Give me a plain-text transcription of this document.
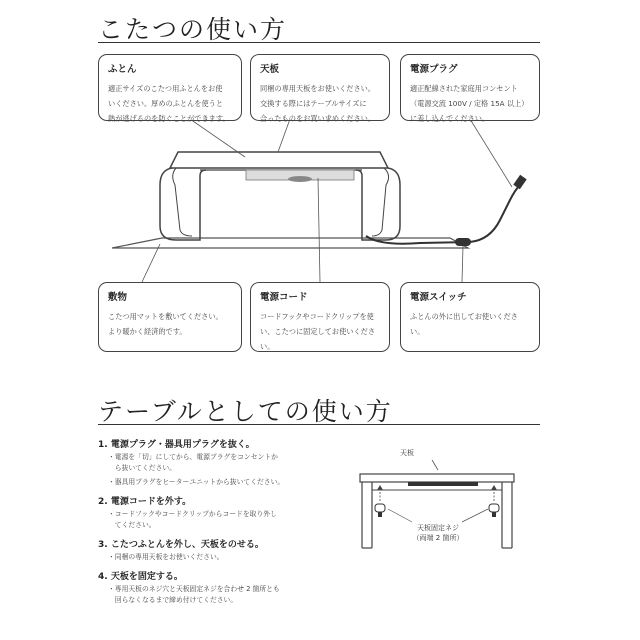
こたつの使い方
ふとん
適正サイズのこたつ用ふとんをお使
いください。厚めのふとんを使うと
熱が逃げるのを防ぐことができます。
天板
同梱の専用天板をお使いください。
交換する際にはテーブルサイズに
合ったものをお買い求めください。
電源プラグ
適正配線された家庭用コンセント
（電源交流 100V / 定格 15A 以上）
に差し込んでください。
敷物
こたつ用マットを敷いてください。
より暖かく経済的です。
電源コード
コードフックやコードクリップを使
い、こたつに固定してお使いください。
電源スイッチ
ふとんの外に出してお使いください。
テーブルとしての使い方
1. 電源プラグ・器具用プラグを抜く。
・電源を「切」にしてから、電源プラグをコンセントか
　ら抜いてください。
・器具用プラグをヒーターユニットから抜いてください。
2. 電源コードを外す。
・コードフックやコードクリップからコードを取り外し
　てください。
3. こたつふとんを外し、天板をのせる。
・同梱の専用天板をお使いください。
4. 天板を固定する。
・専用天板のネジ穴と天板固定ネジを合わせ 2 箇所とも
　回らなくなるまで締め付けてください。
天板
天板固定ネジ
（両端 2 箇所）
